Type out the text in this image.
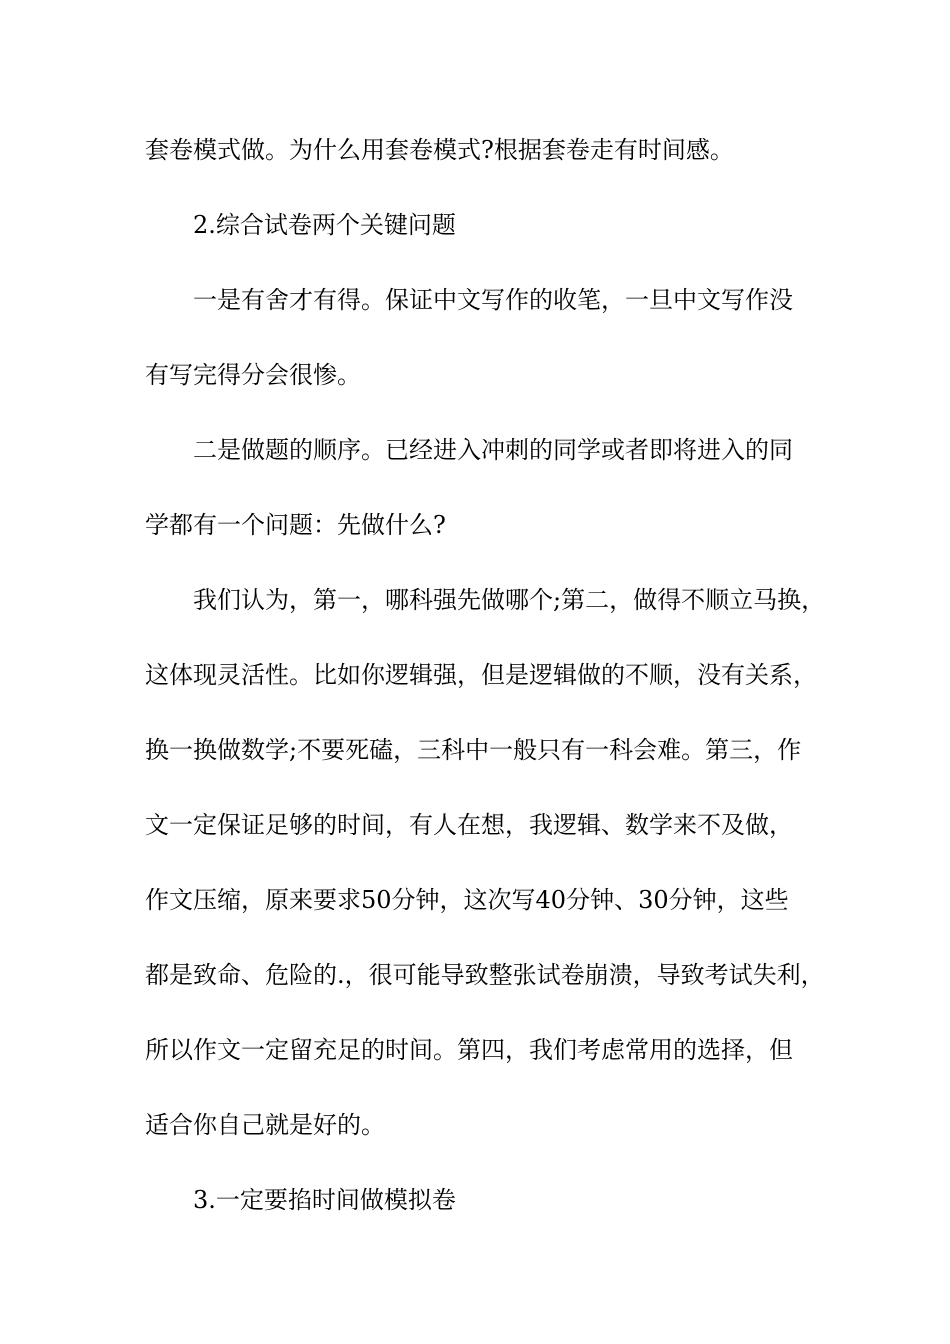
套卷模式做。为什么用套卷模式?根据套卷走有时间感。
2.综合试卷两个关键问题
一是有舍才有得。保证中文写作的收笔，一旦中文写作没
有写完得分会很惨。
二是做题的顺序。已经进入冲刺的同学或者即将进入的同
学都有一个问题：先做什么?
我们认为，第一，哪科强先做哪个;第二，做得不顺立马换，
这体现灵活性。比如你逻辑强，但是逻辑做的不顺，没有关系，
换一换做数学;不要死磕，三科中一般只有一科会难。第三，作
文一定保证足够的时间，有人在想，我逻辑、数学来不及做，
作文压缩，原来要求50分钟，这次写40分钟、30分钟，这些
都是致命、危险的.，很可能导致整张试卷崩溃，导致考试失利，
所以作文一定留充足的时间。第四，我们考虑常用的选择，但
适合你自己就是好的。
3.一定要掐时间做模拟卷
